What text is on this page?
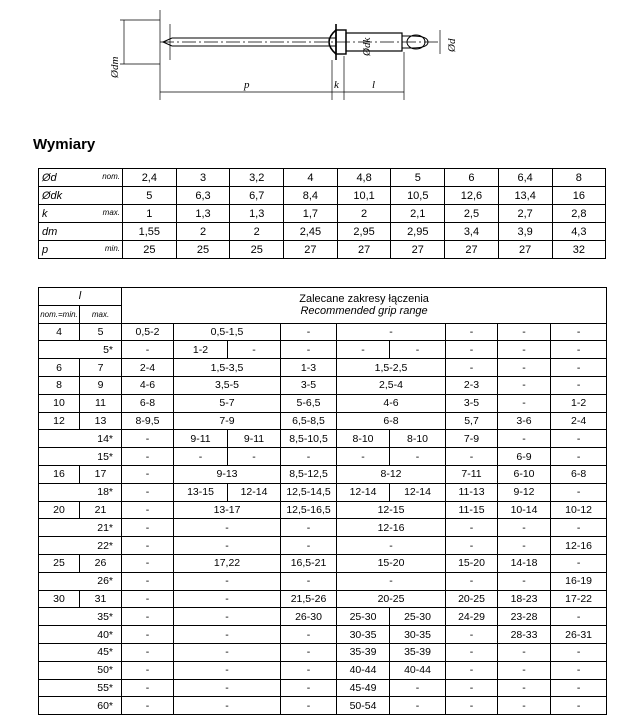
Ødm
Ødk	Ød
p	k	l
Wymiary
Ød nom.	2,4	3	3,2	4	4,8	5	6	6,4	8
Ødk	5	6,3	6,7	8,4	10,1	10,5	12,6	13,4	16
k max.	1	1,3	1,3	1,7	2	2,1	2,5	2,7	2,8
dm	1,55	2	2	2,45	2,95	2,95	3,4	3,9	4,3
p min.	25	25	25	27	27	27	27	27	32
l		Zalecane zakresy łączenia
Recommended grip range									

nom.=min.	max.										
4	5	0,5-2	0,5-1,5		-	-		-	-	-	
5*		-	1-2	-	-	-	-	-	-	-	
6	7	2-4	1,5-3,5		1-3	1,5-2,5		-	-	-	
8	9	4-6	3,5-5		3-5	2,5-4		2-3	-	-	
10	11	6-8	5-7		5-6,5	4-6		3-5	-	1-2	
12	13	8-9,5	7-9		6,5-8,5	6-8		5,7	3-6	2-4	
14*		-	9-11	9-11	8,5-10,5	8-10	8-10	7-9	-	-	
15*		-	-	-	-	-	-	-	6-9	-	
16	17	-	9-13		8,5-12,5	8-12		7-11	6-10	6-8	
18*		-	13-15	12-14	12,5-14,5	12-14	12-14	11-13	9-12	-	
20	21	-	13-17		12,5-16,5	12-15		11-15	10-14	10-12	
21*		-	-		-	12-16		-	-	-	
22*		-	-		-	-		-	-	12-16	
25	26	-	17,22		16,5-21	15-20		15-20	14-18	-	
26*		-	-		-	-		-	-	16-19	
30	31	-	-		21,5-26	20-25		20-25	18-23	17-22	
35*		-	-		26-30	25-30	25-30	24-29	23-28	-	
40*		-	-		-	30-35	30-35	-	28-33	26-31	
45*		-	-		-	35-39	35-39	-	-	-	
50*		-	-		-	40-44	40-44	-	-	-	
55*		-	-		-	45-49	-	-	-	-	
60*		-	-		-	50-54	-	-	-	-	
